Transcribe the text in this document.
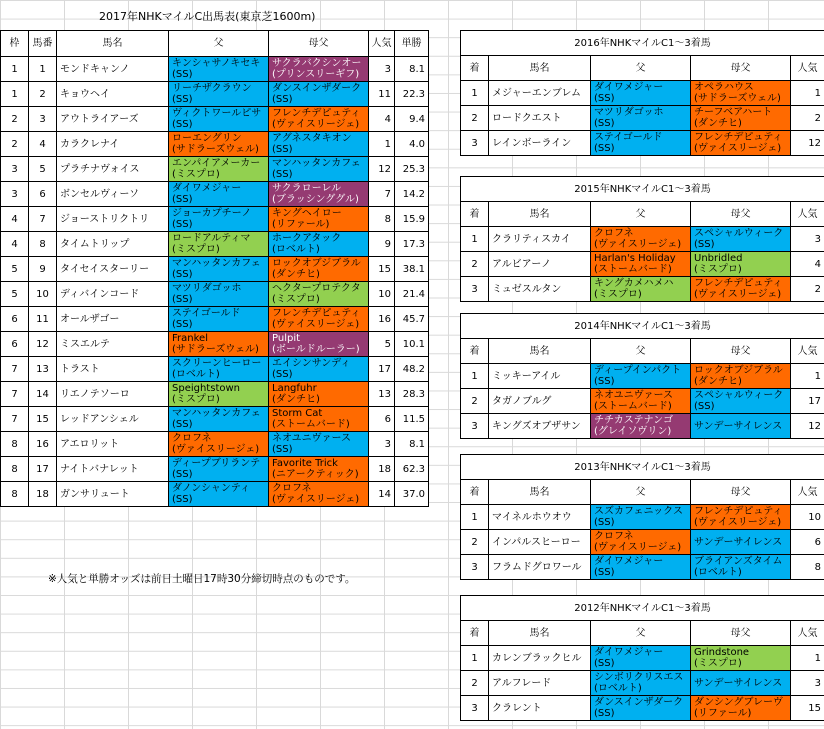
2017年NHKマイルC出馬表(東京芝1600m)
枠	馬番	馬名	父	母父	人気	単勝
1	1	モンドキャンノ	キンシャサノキセキ
(SS)	サクラバクシンオー
(プリンスリーギフ)	3	8.1
1	2	キョウヘイ	リーチザクラウン
(SS)	ダンスインザダーク
(SS)	11	22.3
2	3	アウトライアーズ	ヴィクトワールピサ
(SS)	フレンチデピュティ
(ヴァイスリージェ)	4	9.4
2	4	カラクレナイ	ローエングリン
(サドラーズウェル)	アグネスタキオン
(SS)	1	4.0
3	5	プラチナヴォイス	エンパイアメーカー
(ミスプロ)	マンハッタンカフェ
(SS)	12	25.3
3	6	ボンセルヴィーソ	ダイワメジャー
(SS)	サクラローレル
(ブラッシンググル)	7	14.2
4	7	ジョーストリクトリ	ジョーカプチーノ
(SS)	キングヘイロー
(リファール)	8	15.9
4	8	タイムトリップ	ロードアルティマ
(ミスプロ)	ホークアタック
(ロベルト)	9	17.3
5	9	タイセイスターリー	マンハッタンカフェ
(SS)	ロックオブジブラル
(ダンチヒ)	15	38.1
5	10	ディバインコード	マツリダゴッホ
(SS)	ヘクタープロテクタ
(ミスプロ)	10	21.4
6	11	オールザゴー	ステイゴールド
(SS)	フレンチデピュティ
(ヴァイスリージェ)	16	45.7
6	12	ミスエルテ	Frankel
(サドラーズウェル)	Pulpit
(ボールドルーラー)	5	10.1
7	13	トラスト	スクリーンヒーロー
(ロベルト)	エイシンサンディ
(SS)	17	48.2
7	14	リエノテソーロ	Speightstown
(ミスプロ)	Langfuhr
(ダンチヒ)	13	28.3
7	15	レッドアンシェル	マンハッタンカフェ
(SS)	Storm Cat
(ストームバード)	6	11.5
8	16	アエロリット	クロフネ
(ヴァイスリージェ)	ネオユニヴァース
(SS)	3	8.1
8	17	ナイトバナレット	ディープブリランテ
(SS)	Favorite Trick
(ニアークティック)	18	62.3
8	18	ガンサリュート	ダノンシャンティ
(SS)	クロフネ
(ヴァイスリージェ)	14	37.0
※人気と単勝オッズは前日土曜日17時30分締切時点のものです。
2016年NHKマイルC1～3着馬				
着	馬名	父	母父	人気
1	メジャーエンブレム	ダイワメジャー
(SS)	オペラハウス
(サドラーズウェル)	1
2	ロードクエスト	マツリダゴッホ
(SS)	チーフベアハート
(ダンチヒ)	2
3	レインボーライン	ステイゴールド
(SS)	フレンチデピュティ
(ヴァイスリージェ)	12
2015年NHKマイルC1～3着馬				
着	馬名	父	母父	人気
1	クラリティスカイ	クロフネ
(ヴァイスリージェ)	スペシャルウィーク
(SS)	3
2	アルビアーノ	Harlan's Holiday
(ストームバード)	Unbridled
(ミスプロ)	4
3	ミュゼスルタン	キングカメハメハ
(ミスプロ)	フレンチデピュティ
(ヴァイスリージェ)	2
2014年NHKマイルC1～3着馬				
着	馬名	父	母父	人気
1	ミッキーアイル	ディープインパクト
(SS)	ロックオブジブラル
(ダンチヒ)	1
2	タガノブルグ	ネオユニヴァース
(ストームバード)	スペシャルウィーク
(SS)	17
3	キングズオブザサン	チチカステナンゴ
(グレイソヴリン)	サンデーサイレンス	12
2013年NHKマイルC1～3着馬				
着	馬名	父	母父	人気
1	マイネルホウオウ	スズカフェニックス
(SS)	フレンチデピュティ
(ヴァイスリージェ)	10
2	インパルスヒーロー	クロフネ
(ヴァイスリージェ)	サンデーサイレンス	6
3	フラムドグロワール	ダイワメジャー
(SS)	ブライアンズタイム
(ロベルト)	8
2012年NHKマイルC1～3着馬				
着	馬名	父	母父	人気
1	カレンブラックヒル	ダイワメジャー
(SS)	Grindstone
(ミスプロ)	1
2	アルフレード	シンボリクリスエス
(ロベルト)	サンデーサイレンス	3
3	クラレント	ダンスインザダーク
(SS)	ダンシングブレーヴ
(リファール)	15
